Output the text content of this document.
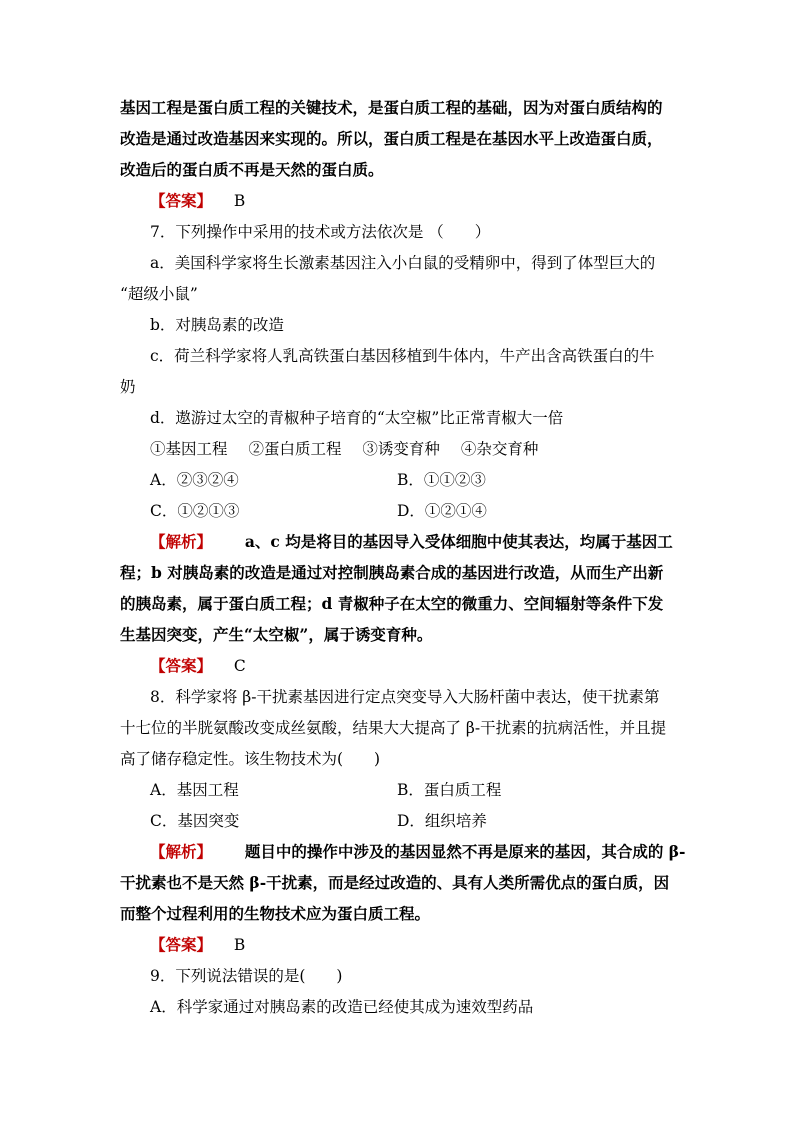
基因工程是蛋白质工程的关键技术，是蛋白质工程的基础，因为对蛋白质结构的
改造是通过改造基因来实现的。所以，蛋白质工程是在基因水平上改造蛋白质，
改造后的蛋白质不再是天然的蛋白质。
【答案】 B
7．下列操作中采用的技术或方法依次是 （　　）
a．美国科学家将生长激素基因注入小白鼠的受精卵中，得到了体型巨大的
“超级小鼠”
b．对胰岛素的改造
c．荷兰科学家将人乳高铁蛋白基因移植到牛体内，牛产出含高铁蛋白的牛
奶
d．遨游过太空的青椒种子培育的“太空椒”比正常青椒大一倍
①基因工程 ②蛋白质工程 ③诱变育种 ④杂交育种
A．②③②④	B．①①②③
C．①②①③	D．①②①④
【解析】 a、c 均是将目的基因导入受体细胞中使其表达，均属于基因工
程；b 对胰岛素的改造是通过对控制胰岛素合成的基因进行改造，从而生产出新
的胰岛素，属于蛋白质工程；d 青椒种子在太空的微重力、空间辐射等条件下发
生基因突变，产生“太空椒”，属于诱变育种。
【答案】 C
8．科学家将 β-干扰素基因进行定点突变导入大肠杆菌中表达，使干扰素第
十七位的半胱氨酸改变成丝氨酸，结果大大提高了 β-干扰素的抗病活性，并且提
高了储存稳定性。该生物技术为(　　)
A．基因工程	B．蛋白质工程
C．基因突变	D．组织培养
【解析】 题目中的操作中涉及的基因显然不再是原来的基因，其合成的 β-
干扰素也不是天然 β-干扰素，而是经过改造的、具有人类所需优点的蛋白质，因
而整个过程利用的生物技术应为蛋白质工程。
【答案】 B
9．下列说法错误的是(　　)
A．科学家通过对胰岛素的改造已经使其成为速效型药品
